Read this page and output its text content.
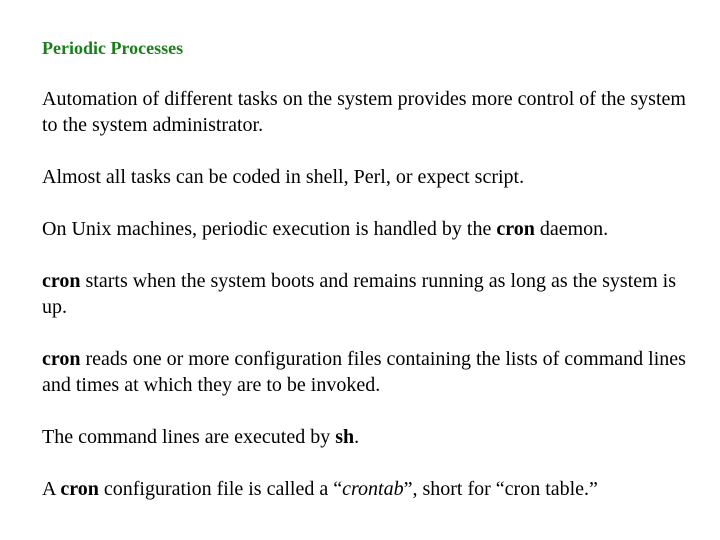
Periodic Processes

Automation of different tasks on the system provides more control of the system to the system administrator.

Almost all tasks can be coded in shell, Perl, or expect script.

On Unix machines, periodic execution is handled by the cron daemon.

cron starts when the system boots and remains running as long as the system is up.

cron reads one or more configuration files containing the lists of command lines and times at which they are to be invoked.

The command lines are executed by sh.

A cron configuration file is called a “crontab”, short for “cron table.”
